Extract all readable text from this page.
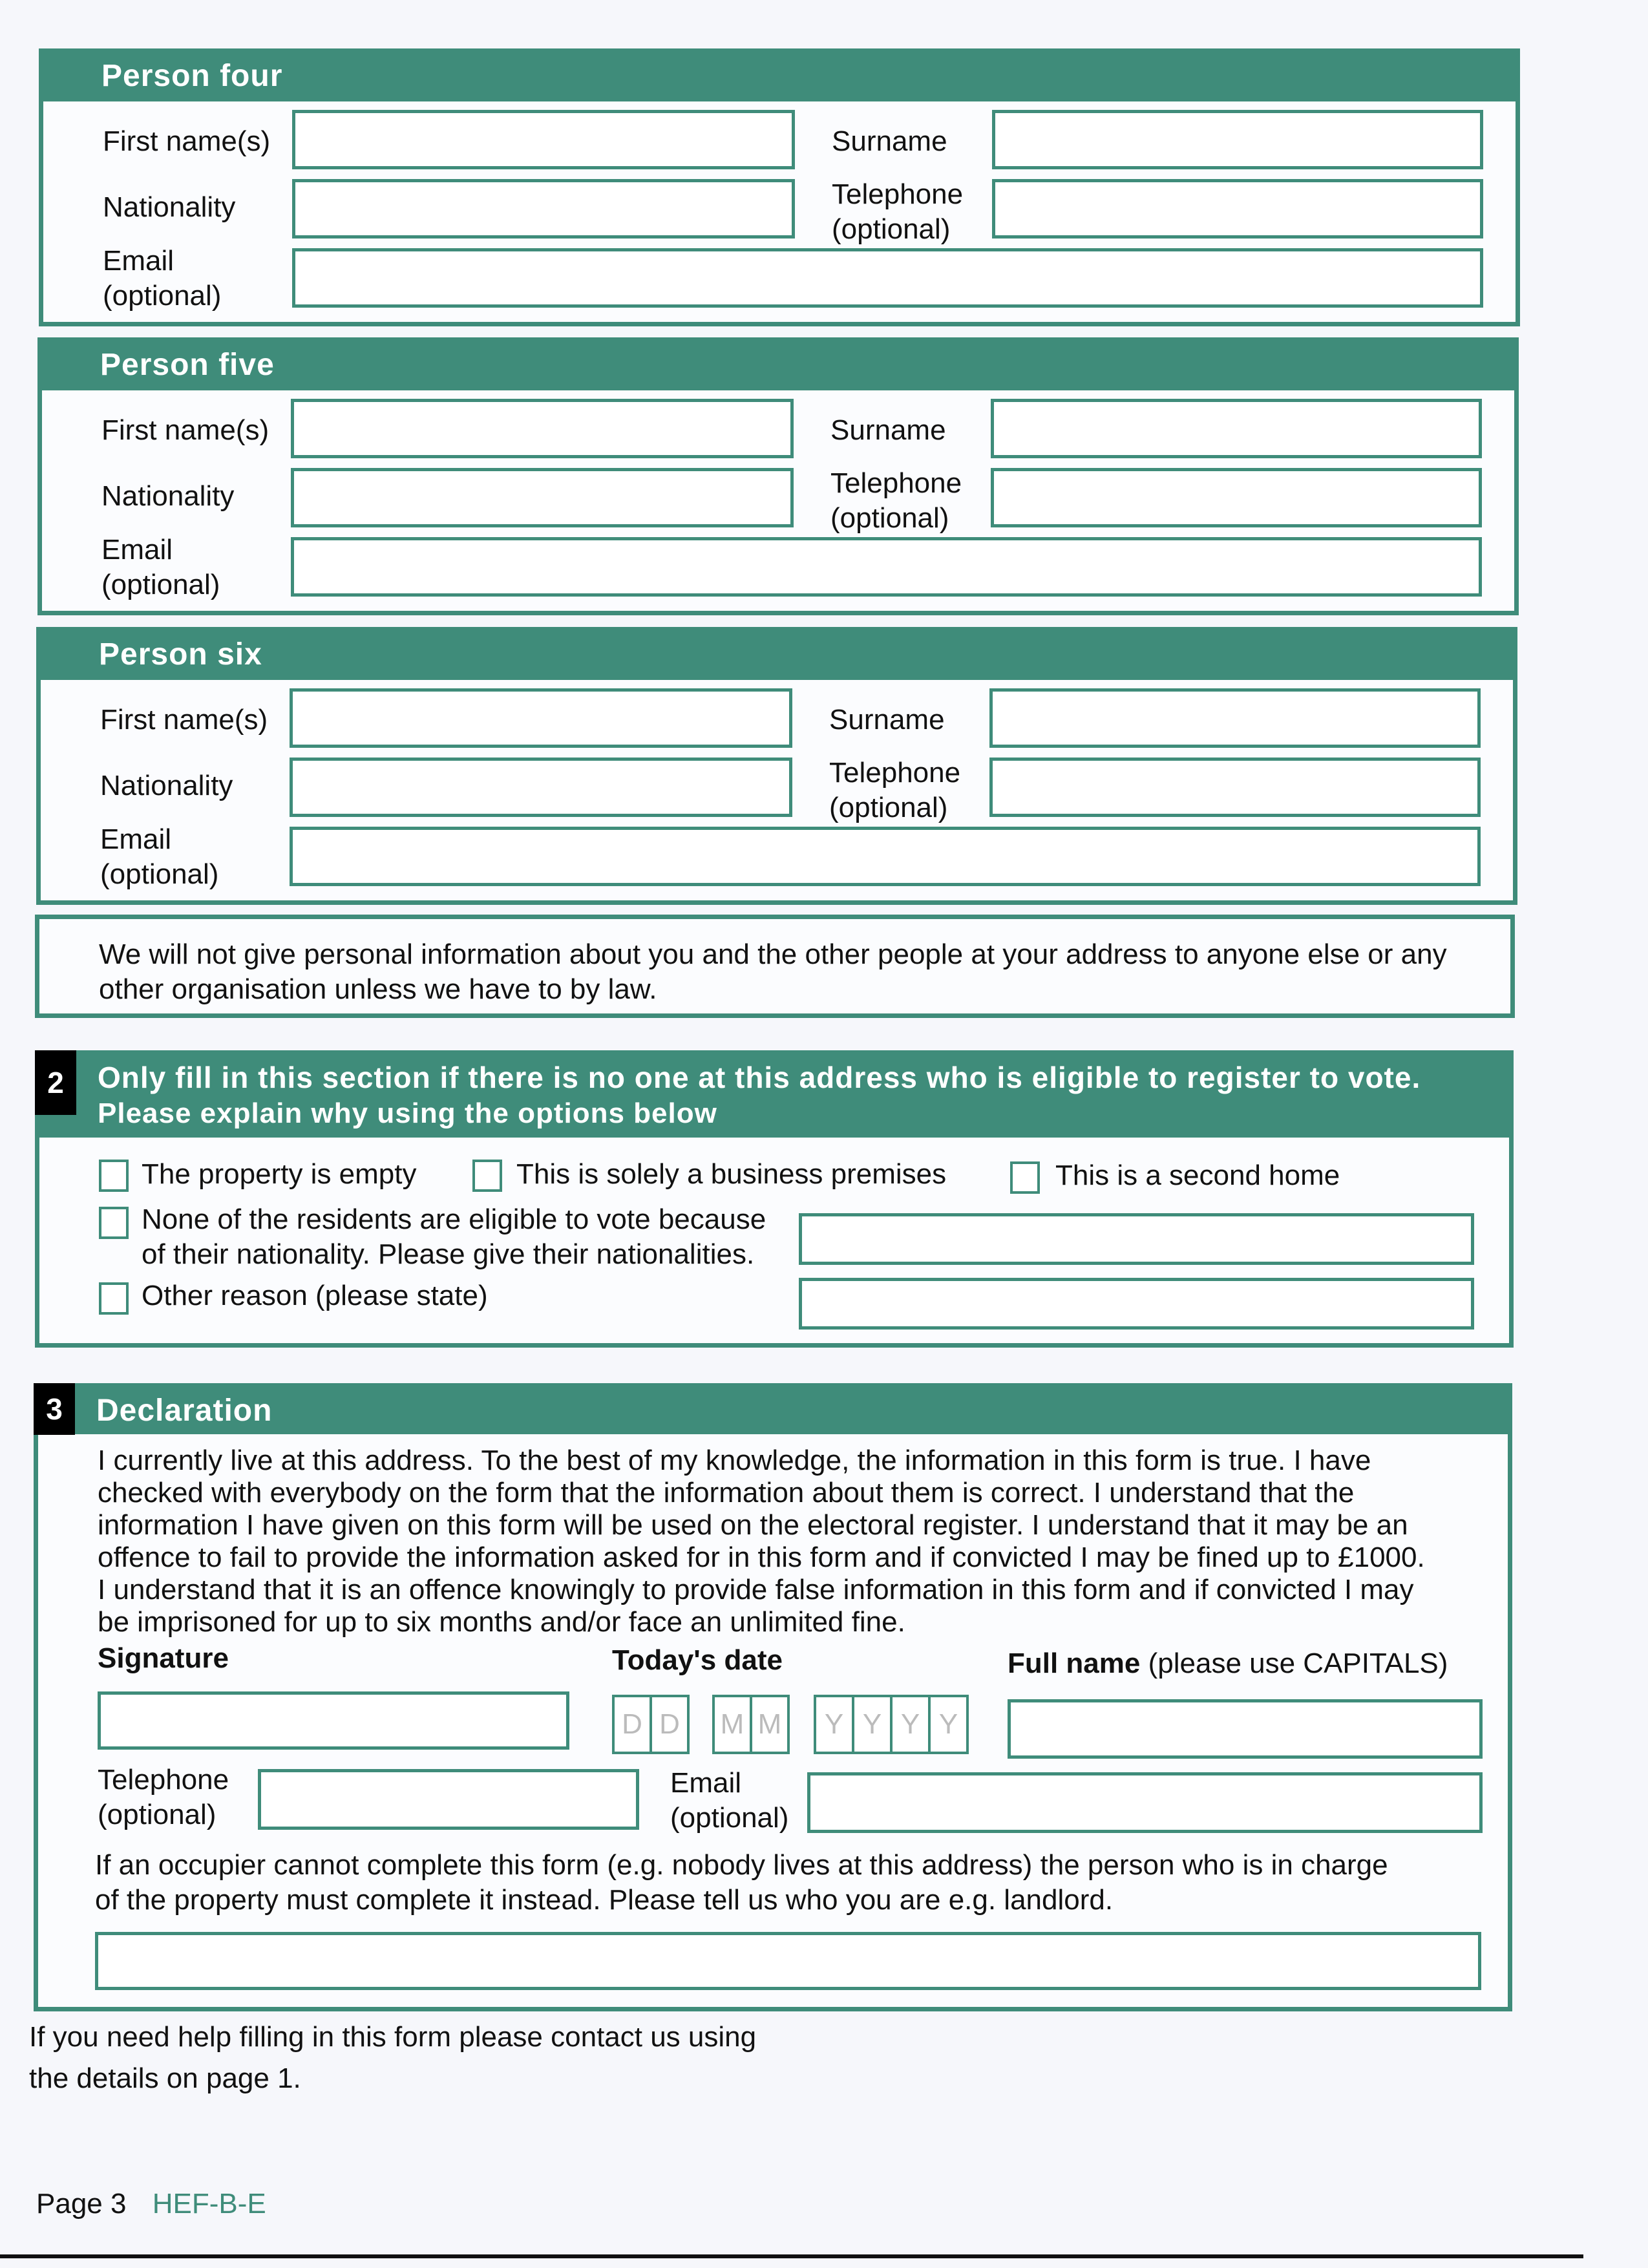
Person four
First name(s)	Surname
Nationality	Telephone
(optional)
Email
(optional)
Person five
First name(s)	Surname
Nationality	Telephone
(optional)
Email
(optional)
Person six
First name(s)	Surname
Nationality	Telephone
(optional)
Email
(optional)
We will not give personal information about you and the other people at your address to anyone else or any
other organisation unless we have to by law.
2	Only fill in this section if there is no one at this address who is eligible to register to vote.
Please explain why using the options below
The property is empty	This is solely a business premises	This is a second home
None of the residents are eligible to vote because
of their nationality. Please give their nationalities.
Other reason (please state)
3	Declaration
I currently live at this address. To the best of my knowledge, the information in this form is true. I have
checked with everybody on the form that the information about them is correct. I understand that the
information I have given on this form will be used on the electoral register. I understand that it may be an
offence to fail to provide the information asked for in this form and if convicted I may be fined up to £1000.
I understand that it is an offence knowingly to provide false information in this form and if convicted I may
be imprisoned for up to six months and/or face an unlimited fine.
Signature	Today's date	Full name (please use CAPITALS)
D D M M Y Y Y Y
Telephone
(optional)
Email
(optional)
If an occupier cannot complete this form (e.g. nobody lives at this address) the person who is in charge
of the property must complete it instead. Please tell us who you are e.g. landlord.
If you need help filling in this form please contact us using
the details on page 1.
Page 3 HEF-B-E
